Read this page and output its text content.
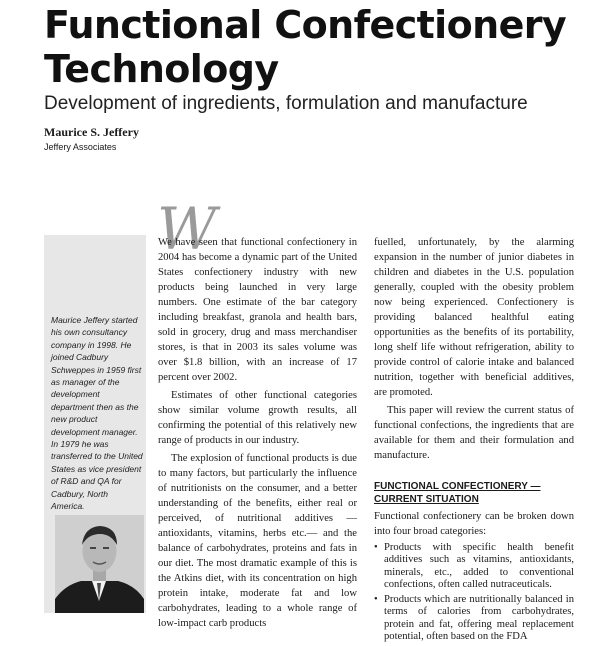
Functional Confectionery
Technology
Development of ingredients, formulation and manufacture
Maurice S. Jeffery
Jeffery Associates

Maurice Jeffery started his own consultancy company in 1998. He joined Cadbury Schweppes in 1959 first as manager of the development department then as the new product development manager. In 1979 he was transferred to the United States as vice president of R&D and QA for Cadbury, North America.

W

We have seen that functional confectionery in 2004 has become a dynamic part of the United States confectionery industry with new products being launched in very large numbers. One estimate of the bar category including breakfast, granola and health bars, sold in grocery, drug and mass merchandiser stores, is that in 2003 its sales volume was over $1.8 billion, with an increase of 17 percent over 2002.

Estimates of other functional categories show similar volume growth results, all confirming the potential of this relatively new range of products in our industry.

The explosion of functional products is due to many factors, but particularly the influence of nutritionists on the consumer, and a better understanding of the benefits, either real or perceived, of nutritional additives — antioxidants, vitamins, herbs etc.— and the balance of carbohydrates, proteins and fats in our diet. The most dramatic example of this is the Atkins diet, with its concentration on high protein intake, moderate fat and low carbohydrates, leading to a whole range of low-impact carb products

fuelled, unfortunately, by the alarming expansion in the number of junior diabetes in children and diabetes in the U.S. population generally, coupled with the obesity problem now being experienced. Confectionery is providing balanced healthful eating opportunities as the benefits of its portability, long shelf life without refrigeration, ability to provide control of calorie intake and balanced nutrition, together with beneficial additives, are promoted.

This paper will review the current status of functional confections, the ingredients that are available for them and their formulation and manufacture.

FUNCTIONAL CONFECTIONERY —
CURRENT SITUATION

Functional confectionery can be broken down into four broad categories:

• Products with specific health benefit additives such as vitamins, antioxidants, minerals, etc., added to conventional confections, often called nutraceuticals.
• Products which are nutritionally balanced in terms of calories from carbohydrates, protein and fat, offering meal replacement potential, often based on the FDA
